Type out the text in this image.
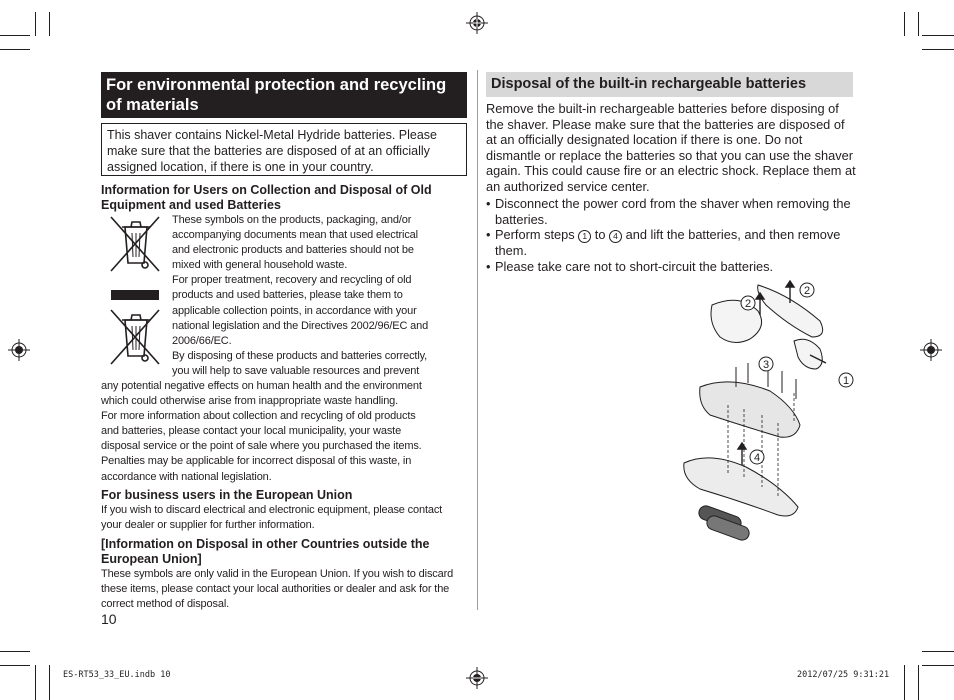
For environmental protection and recycling of materials
This shaver contains Nickel-Metal Hydride batteries. Please make sure that the batteries are disposed of at an officially assigned location, if there is one in your country.
Information for Users on Collection and Disposal of Old Equipment and used Batteries
These symbols on the products, packaging, and/or
accompanying documents mean that used electrical
and electronic products and batteries should not be
mixed with general household waste.
For proper treatment, recovery and recycling of old
products and used batteries, please take them to
applicable collection points, in accordance with your
national legislation and the Directives 2002/96/EC and
2006/66/EC.
By disposing of these products and batteries correctly,
you will help to save valuable resources and prevent
any potential negative effects on human health and the environment
which could otherwise arise from inappropriate waste handling.
For more information about collection and recycling of old products
and batteries, please contact your local municipality, your waste
disposal service or the point of sale where you purchased the items.
Penalties may be applicable for incorrect disposal of this waste, in
accordance with national legislation.
For business users in the European Union
If you wish to discard electrical and electronic equipment, please contact your dealer or supplier for further information.
[Information on Disposal in other Countries outside the European Union]
These symbols are only valid in the European Union. If you wish to discard these items, please contact your local authorities or dealer and ask for the correct method of disposal.
10
Disposal of the built-in rechargeable batteries
Remove the built-in rechargeable batteries before disposing of the shaver. Please make sure that the batteries are disposed of at an officially designated location if there is one. Do not dismantle or replace the batteries so that you can use the shaver again. This could cause fire or an electric shock. Replace them at an authorized service center.
• Disconnect the power cord from the shaver when removing the batteries.
• Perform steps 1 to 4 and lift the batteries, and then remove them.
• Please take care not to short-circuit the batteries.
2
2
3
1
4
ES-RT53_33_EU.indb 10	2012/07/25 9:31:21
